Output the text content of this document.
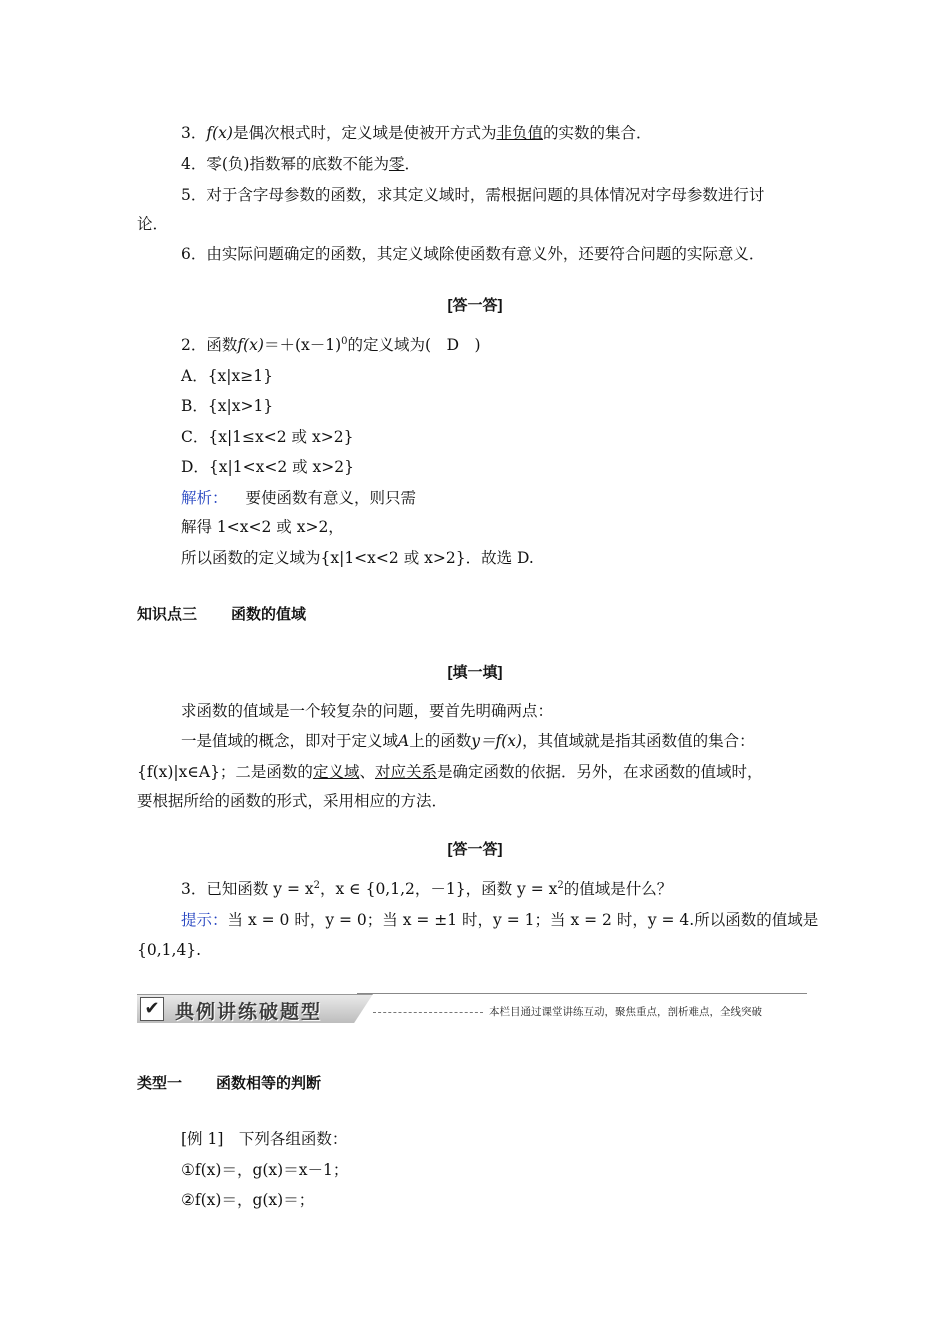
3．f(x)是偶次根式时，定义域是使被开方式为非负值的实数的集合．
4．零(负)指数幂的底数不能为零．
5．对于含字母参数的函数，求其定义域时，需根据问题的具体情况对字母参数进行讨
论．
6．由实际问题确定的函数，其定义域除使函数有意义外，还要符合问题的实际意义．
[答一答]
2．函数$f(x)=+(x-1)^0$的定义域为(　D　)
A．{x|x≥1}
B．{x|x>1}
C．{x|1≤x<2 或 x>2}
D．{x|1<x<2 或 x>2}
解析： 要使函数有意义，则只需
解得 1<x<2 或 x>2，
所以函数的定义域为{x|1<x<2 或 x>2}．故选 D.
知识点三 函数的值域
[填一填]
求函数的值域是一个较复杂的问题，要首先明确两点：
一是值域的概念，即对于定义域A上的函数y＝f(x)，其值域就是指其函数值的集合：
{f(x)|x∈A}；二是函数的定义域、对应关系是确定函数的依据．另外，在求函数的值域时，
要根据所给的函数的形式，采用相应的方法．
[答一答]
3．已知函数 $y = x^2$，x ∈ {0,1,2，－1}，函数 $y = x^2$的值域是什么？
提示：当 x = 0 时，y = 0；当 x = ±1 时，y = 1；当 x = 2 时，y = 4.所以函数的值域是
{0,1,4}.
✔ 典例讲练破题型	本栏目通过课堂讲练互动，聚焦重点，剖析难点，全线突破
类型一 函数相等的判断
[例 1]　下列各组函数：
①f(x)＝，g(x)＝x－1；
②f(x)＝，g(x)＝；
